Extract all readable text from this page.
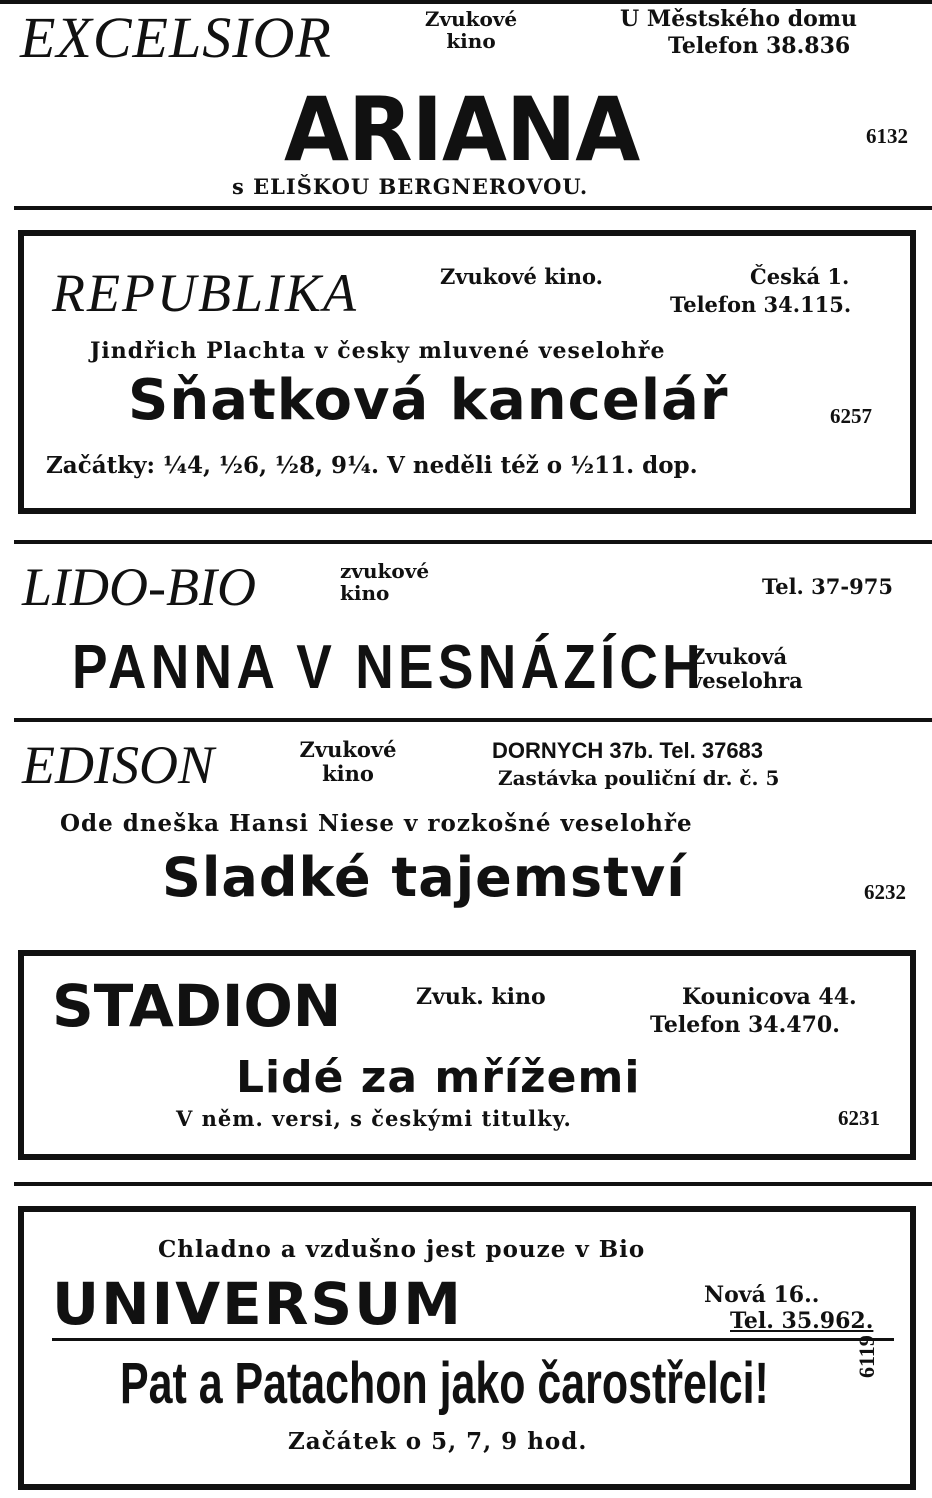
EXCELSIOR	Zvukové
kino
U Městského domu
Telefon 38.836
ARIANA	6132
s ELIŠKOU BERGNEROVOU.
REPUBLIKA	Zvukové kino.	Česká 1.
Telefon 34.115.
Jindřich Plachta v česky mluvené veselohře
Sňatková kancelář	6257
Začátky: ¼4, ½6, ½8, 9¼. V neděli též o ½11. dop.
LIDO-BIO	zvukové
kino	Tel. 37-975
PANNA V NESNÁZÍCH
Zvuková
veselohra
EDISON	Zvukové
kino
DORNYCH 37b. Tel. 37683
Zastávka pouliční dr. č. 5
Ode dneška Hansi Niese v rozkošné veselohře
Sladké tajemství	6232
STADION	Zvuk. kino	Kounicova 44.
Telefon 34.470.
Lidé za mřížemi
V něm. versi, s českými titulky.	6231
Chladno a vzdušno jest pouze v Bio
UNIVERSUM	Nová 16..
Tel. 35.962.
Pat a Patachon jako čarostřelci!	6119
Začátek o 5, 7, 9 hod.
